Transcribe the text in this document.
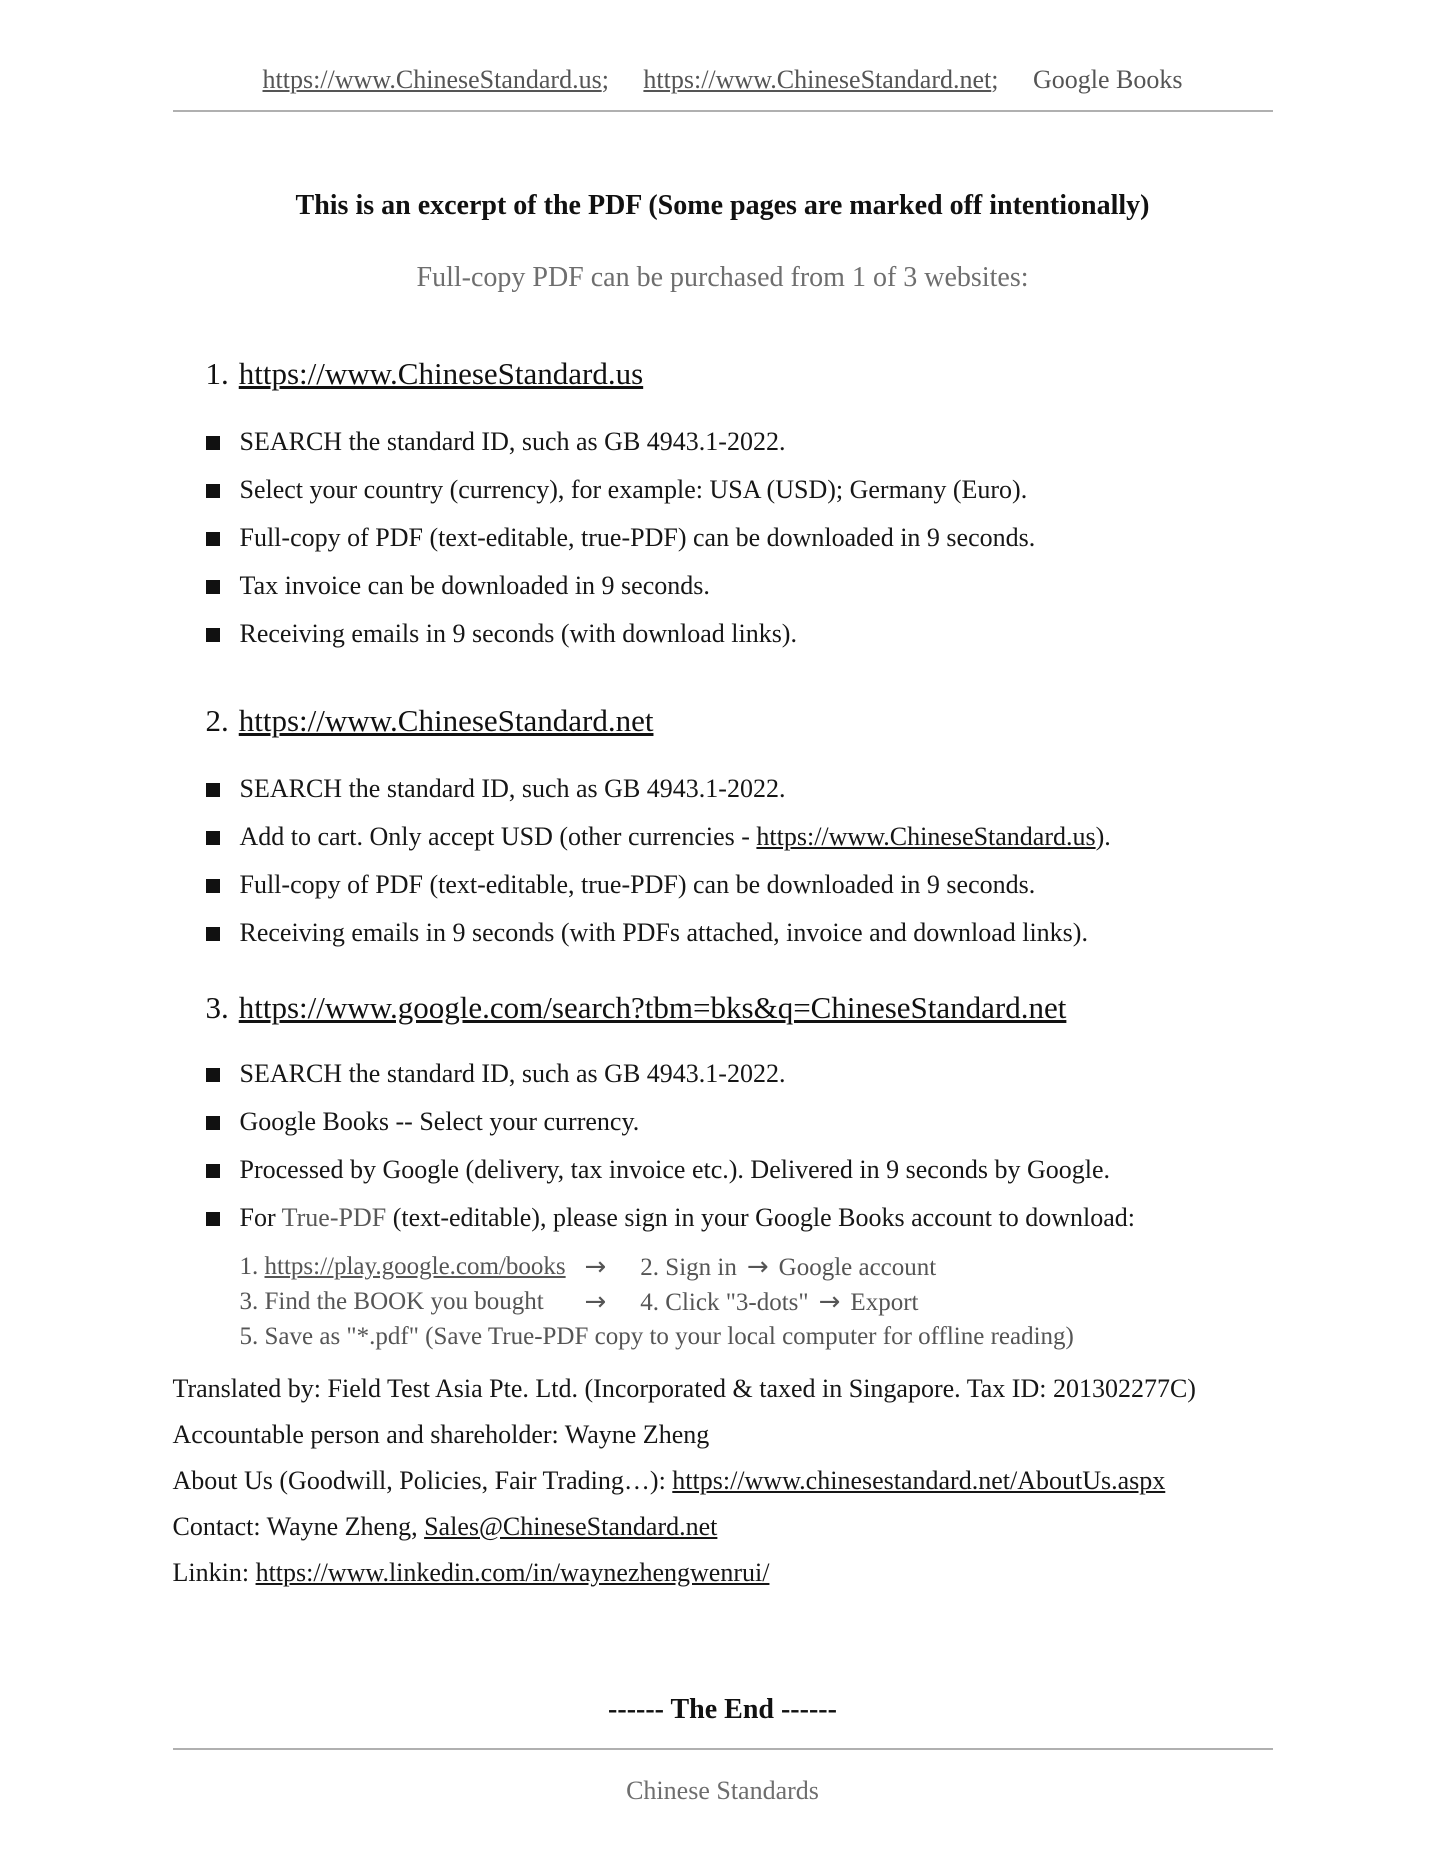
https://www.ChineseStandard.us; https://www.ChineseStandard.net; Google Books
This is an excerpt of the PDF (Some pages are marked off intentionally)
Full-copy PDF can be purchased from 1 of 3 websites:
1. https://www.ChineseStandard.us
SEARCH the standard ID, such as GB 4943.1-2022.
Select your country (currency), for example: USA (USD); Germany (Euro).
Full-copy of PDF (text-editable, true-PDF) can be downloaded in 9 seconds.
Tax invoice can be downloaded in 9 seconds.
Receiving emails in 9 seconds (with download links).
2. https://www.ChineseStandard.net
SEARCH the standard ID, such as GB 4943.1-2022.
Add to cart. Only accept USD (other currencies - https://www.ChineseStandard.us).
Full-copy of PDF (text-editable, true-PDF) can be downloaded in 9 seconds.
Receiving emails in 9 seconds (with PDFs attached, invoice and download links).
3. https://www.google.com/search?tbm=bks&q=ChineseStandard.net
SEARCH the standard ID, such as GB 4943.1-2022.
Google Books -- Select your currency.
Processed by Google (delivery, tax invoice etc.). Delivered in 9 seconds by Google.
For True-PDF (text-editable), please sign in your Google Books account to download:
1. https://play.google.com/books → 2. Sign in → Google account
3. Find the BOOK you bought	→ 4. Click "3-dots" → Export
5. Save as "*.pdf" (Save True-PDF copy to your local computer for offline reading)

Translated by: Field Test Asia Pte. Ltd. (Incorporated & taxed in Singapore. Tax ID: 201302277C)

Accountable person and shareholder: Wayne Zheng

About Us (Goodwill, Policies, Fair Trading…): https://www.chinesestandard.net/AboutUs.aspx

Contact: Wayne Zheng, Sales@ChineseStandard.net

Linkin: https://www.linkedin.com/in/waynezhengwenrui/

------ The End ------
Chinese Standards
